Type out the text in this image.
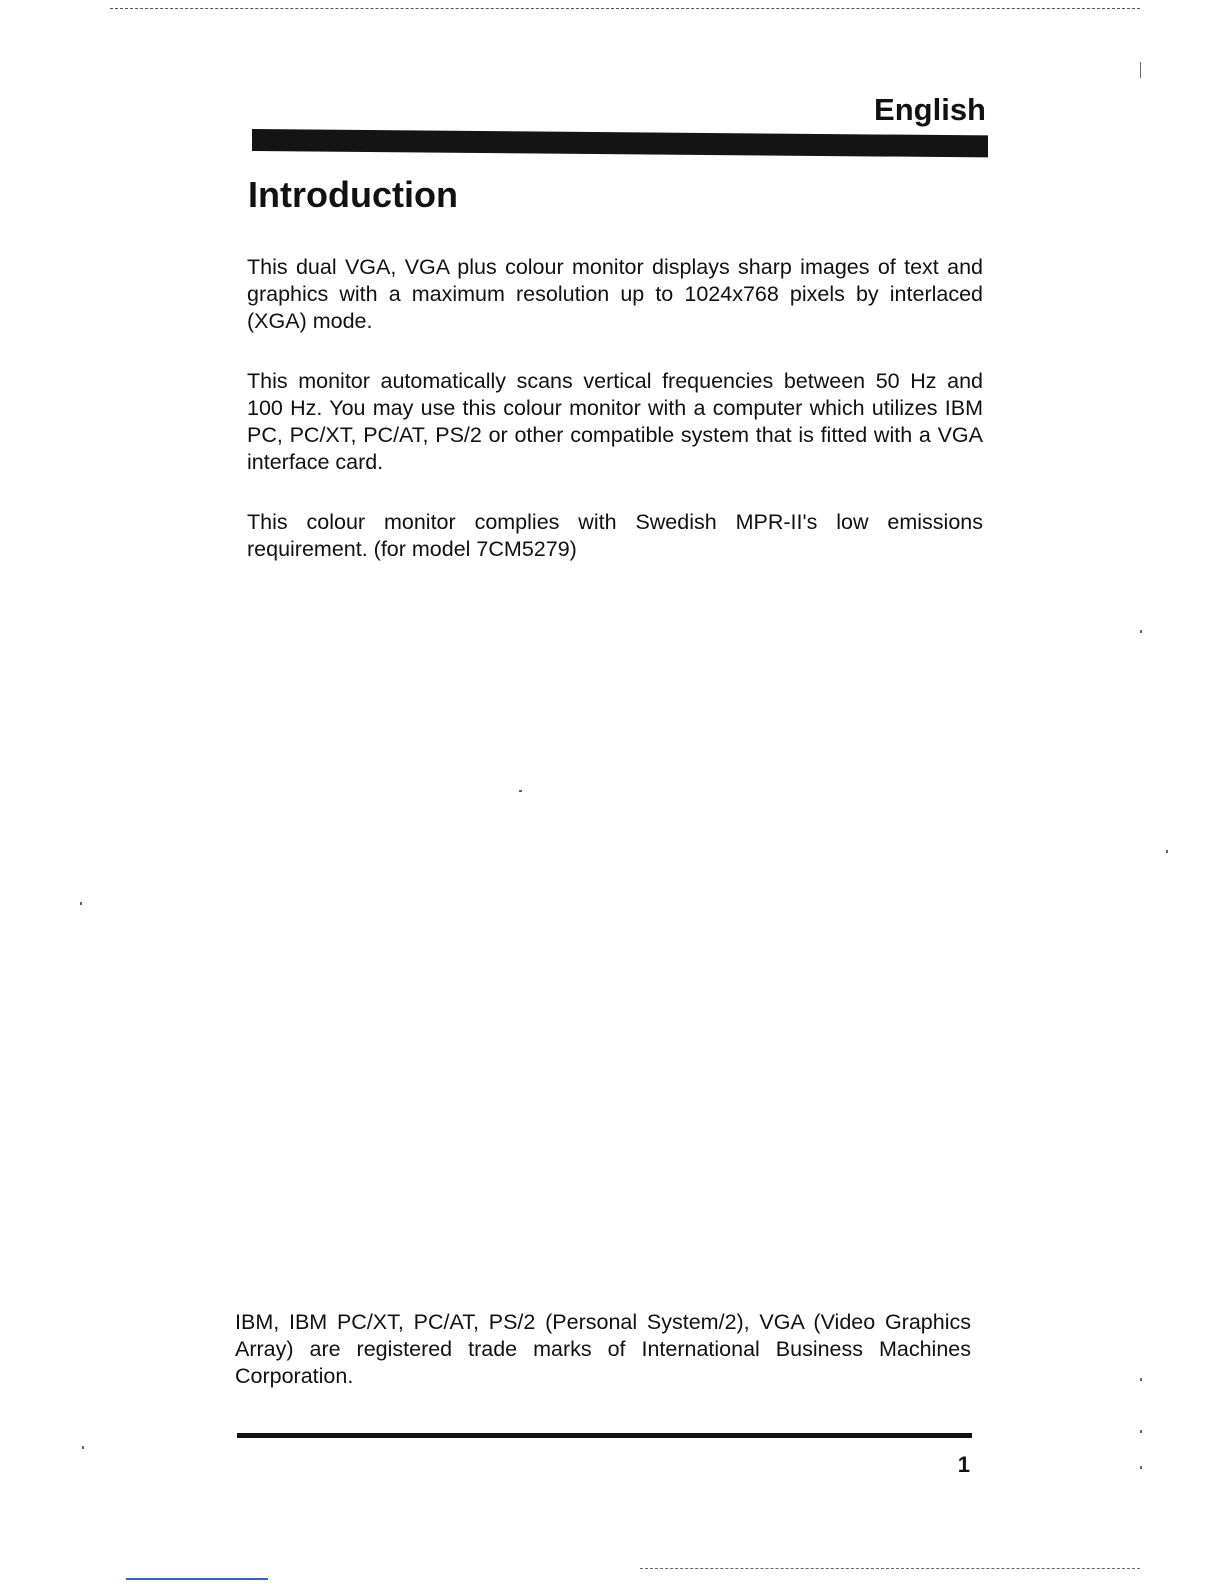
English

Introduction

This dual VGA, VGA plus colour monitor displays sharp images of text and graphics with a maximum resolution up to 1024x768 pixels by interlaced (XGA) mode.

This monitor automatically scans vertical frequencies between 50 Hz and 100 Hz. You may use this colour monitor with a computer which utilizes IBM PC, PC/XT, PC/AT, PS/2 or other compatible system that is fitted with a VGA interface card.

This colour monitor complies with Swedish MPR-II's low emissions requirement. (for model 7CM5279)

IBM, IBM PC/XT, PC/AT, PS/2 (Personal System/2), VGA (Video Graphics Array) are registered trade marks of International Business Machines Corporation.

1
